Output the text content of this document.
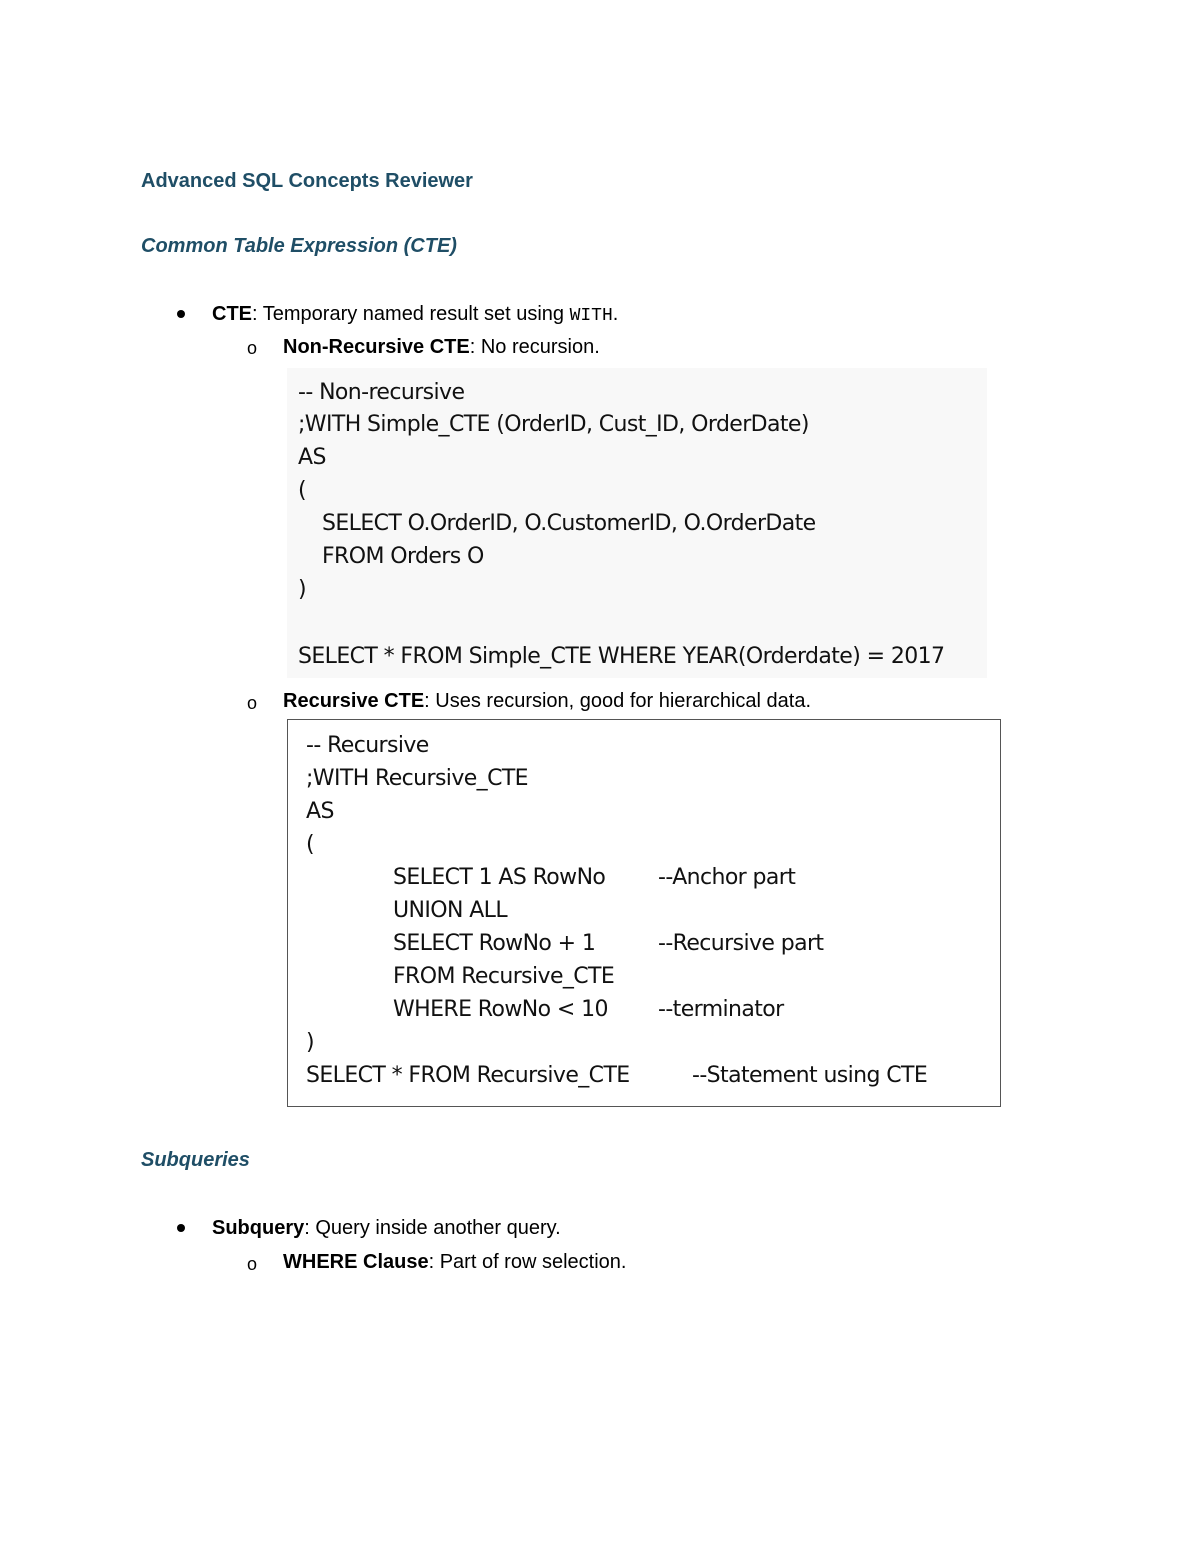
Advanced SQL Concepts Reviewer
Common Table Expression (CTE)
CTE: Temporary named result set using WITH.
o Non-Recursive CTE: No recursion.
-- Non-recursive
;WITH Simple_CTE (OrderID, Cust_ID, OrderDate)
AS
(
SELECT O.OrderID, O.CustomerID, O.OrderDate
FROM Orders O
)
SELECT * FROM Simple_CTE WHERE YEAR(Orderdate) = 2017
o Recursive CTE: Uses recursion, good for hierarchical data.
-- Recursive
;WITH Recursive_CTE
AS
(
SELECT 1 AS RowNo --Anchor part
UNION ALL
SELECT RowNo + 1	--Recursive part
FROM Recursive_CTE
WHERE RowNo < 10 --terminator
)
SELECT * FROM Recursive_CTE	--Statement using CTE
Subqueries
Subquery: Query inside another query.
o WHERE Clause: Part of row selection.
